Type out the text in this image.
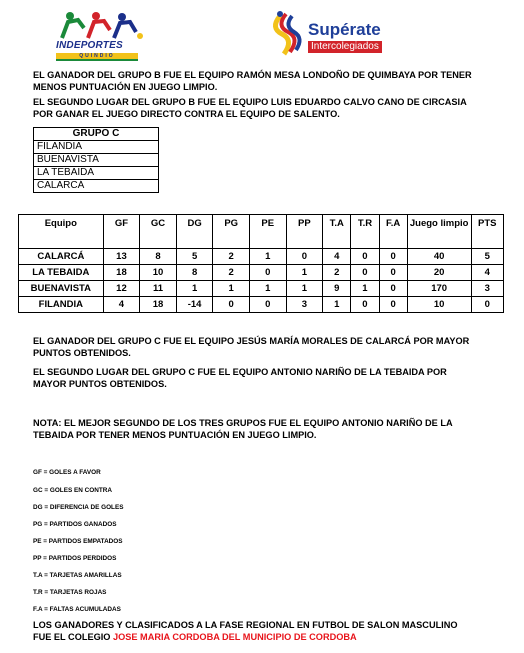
INDEPORTES
QUINDIO
Supérate
Intercolegiados
EL GANADOR DEL GRUPO B FUE EL EQUIPO RAMÓN MESA LONDOÑO DE QUIMBAYA POR TENER MENOS PUNTUACIÓN EN JUEGO LIMPIO.
EL SEGUNDO LUGAR DEL GRUPO B FUE EL EQUIPO LUIS EDUARDO CALVO CANO DE CIRCASIA POR GANAR EL JUEGO DIRECTO CONTRA EL EQUIPO DE SALENTO.
GRUPO C
FILANDIA
BUENAVISTA
LA TEBAIDA
CALARCÁ
Equipo	GF	GC	DG	PG	PE	PP	T.A	T.R	F.A	Juego limpio	PTS
CALARCÁ	13	8	5	2	1	0	4	0	0	40	5
LA TEBAIDA	18	10	8	2	0	1	2	0	0	20	4
BUENAVISTA	12	11	1	1	1	1	9	1	0	170	3
FILANDIA	4	18	-14	0	0	3	1	0	0	10	0
EL GANADOR DEL GRUPO C FUE EL EQUIPO JESÚS MARÍA MORALES DE CALARCÁ POR MAYOR PUNTOS OBTENIDOS.
EL SEGUNDO LUGAR DEL GRUPO C FUE EL EQUIPO ANTONIO NARIÑO DE LA TEBAIDA POR MAYOR PUNTOS OBTENIDOS.
NOTA: EL MEJOR SEGUNDO DE LOS TRES GRUPOS FUE EL EQUIPO ANTONIO NARIÑO DE LA TEBAIDA POR TENER MENOS PUNTUACIÓN EN JUEGO LIMPIO.
GF = GOLES A FAVOR
GC = GOLES EN CONTRA
DG = DIFERENCIA DE GOLES
PG = PARTIDOS GANADOS
PE = PARTIDOS EMPATADOS
PP = PARTIDOS PERDIDOS
T.A = TARJETAS AMARILLAS
T.R = TARJETAS ROJAS
F.A = FALTAS ACUMULADAS
LOS GANADORES Y CLASIFICADOS A LA FASE REGIONAL EN FUTBOL DE SALON MASCULINO FUE EL COLEGIO JOSE MARIA CORDOBA DEL MUNICIPIO DE CORDOBA
